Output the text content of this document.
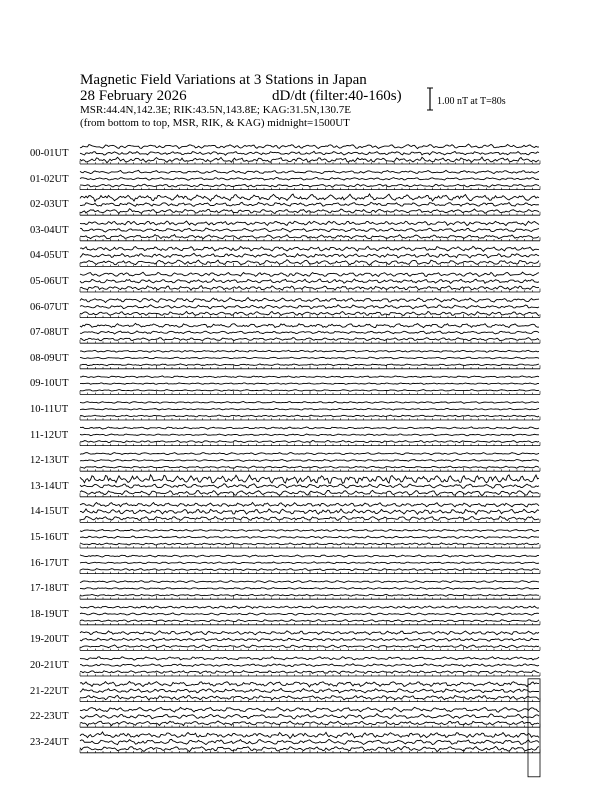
Magnetic Field Variations at 3 Stations in Japan
28 February 2026	dD/dt (filter:40-160s)
MSR:44.4N,142.3E; RIK:43.5N,143.8E; KAG:31.5N,130.7E
(from bottom to top, MSR, RIK, & KAG) midnight=1500UT
1.00 nT at T=80s
00-01UT
01-02UT
02-03UT
03-04UT
04-05UT
05-06UT
06-07UT
07-08UT
08-09UT
09-10UT
10-11UT
11-12UT
12-13UT
13-14UT
14-15UT
15-16UT
16-17UT
17-18UT
18-19UT
19-20UT
20-21UT
21-22UT
22-23UT
23-24UT
